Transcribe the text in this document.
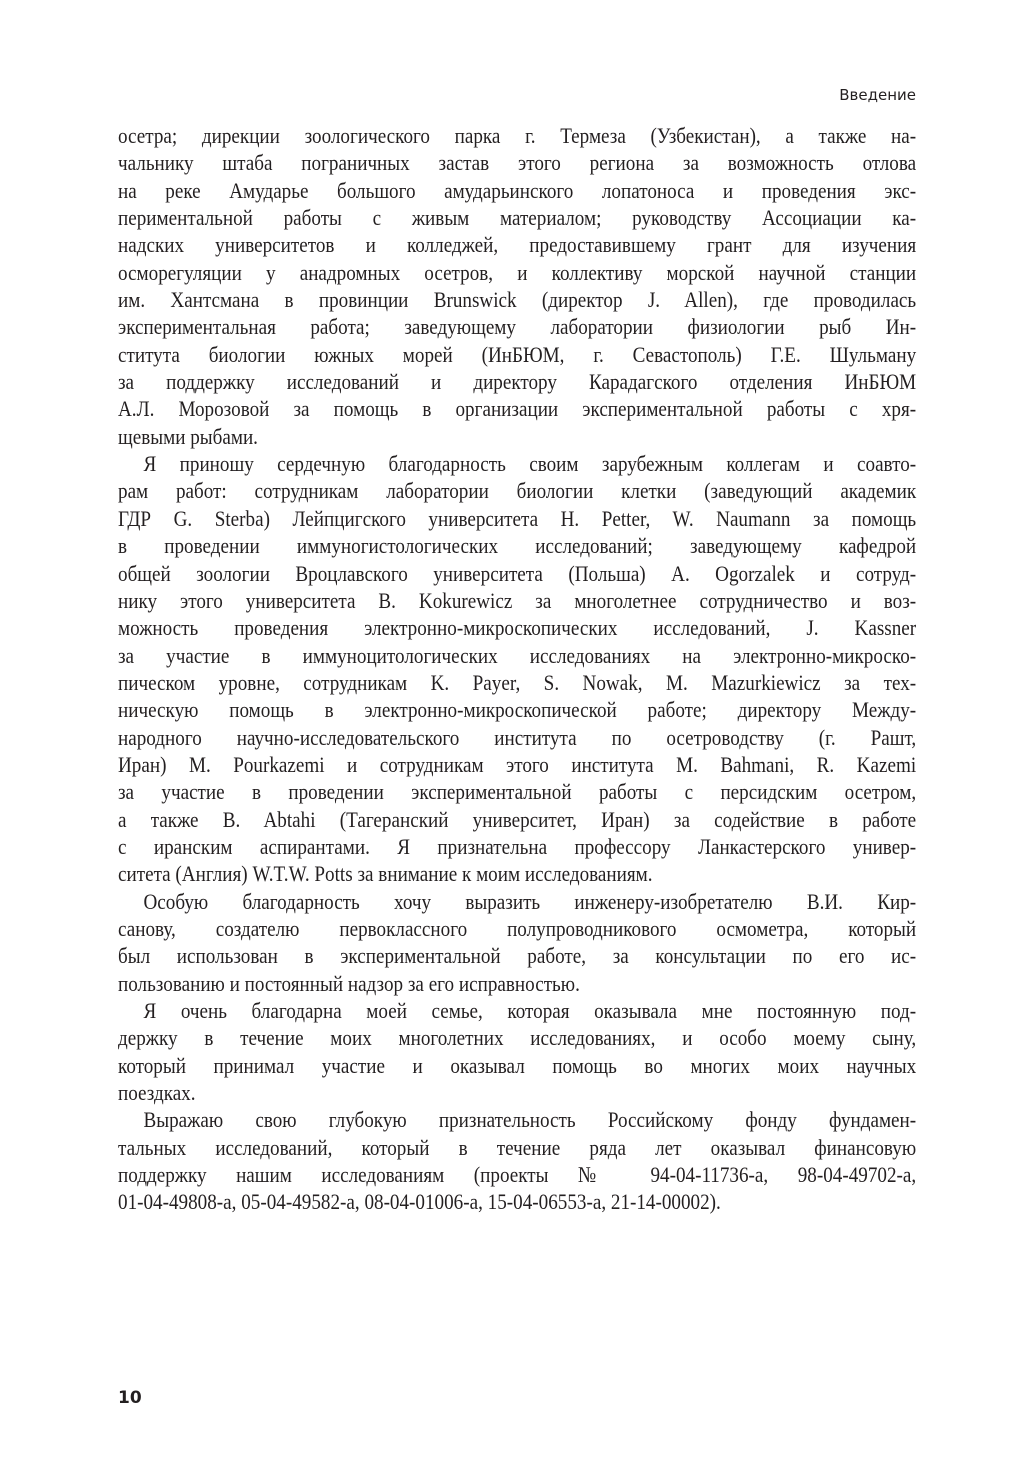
Введение
осетра; дирекции зоологического парка г. Термеза (Узбекистан), а также на-
чальнику штаба пограничных застав этого региона за возможность отлова
на реке Амударье большого амударьинского лопатоноса и проведения экс-
периментальной работы с живым материалом; руководству Ассоциации ка-
надских университетов и колледжей, предоставившему грант для изучения
осморегуляции у анадромных осетров, и коллективу морской научной станции
им. Хантсмана в провинции Brunswick (директор J. Allen), где проводилась
экспериментальная работа; заведующему лаборатории физиологии рыб Ин-
ститута биологии южных морей (ИнБЮМ, г. Севастополь) Г.Е. Шульману
за поддержку исследований и директору Карадагского отделения ИнБЮМ
А.Л. Морозовой за помощь в организации экспериментальной работы с хря-
щевыми рыбами.
Я приношу сердечную благодарность своим зарубежным коллегам и соавто-
рам работ: сотрудникам лаборатории биологии клетки (заведующий академик
ГДР G. Sterba) Лейпцигского университета H. Petter, W. Naumann за помощь
в проведении иммуногистологических исследований; заведующему кафедрой
общей зоологии Вроцлавского университета (Польша) A. Ogorzalek и сотруд-
нику этого университета B. Kokurewicz за многолетнее сотрудничество и воз-
можность проведения электронно-микроскопических исследований, J. Kassner
за участие в иммуноцитологических исследованиях на электронно-микроско-
пическом уровне, сотрудникам K. Payer, S. Nowak, M. Mazurkiewicz за тех-
ническую помощь в электронно-микроскопической работе; директору Между-
народного научно-исследовательского института по осетроводству (г. Рашт,
Иран) M. Pourkazemi и сотрудникам этого института M. Bahmani, R. Kazemi
за участие в проведении экспериментальной работы с персидским осетром,
а также B. Abtahi (Тагеранский университет, Иран) за содействие в работе
с иранским аспирантами. Я признательна профессору Ланкастерского универ-
ситета (Англия) W.T.W. Potts за внимание к моим исследованиям.
Особую благодарность хочу выразить инженеру-изобретателю В.И. Кир-
санову, создателю первоклассного полупроводникового осмометра, который
был использован в экспериментальной работе, за консультации по его ис-
пользованию и постоянный надзор за его исправностью.
Я очень благодарна моей семье, которая оказывала мне постоянную под-
держку в течение моих многолетних исследованиях, и особо моему сыну,
который принимал участие и оказывал помощь во многих моих научных
поездках.
Выражаю свою глубокую признательность Российскому фонду фундамен-
тальных исследований, который в течение ряда лет оказывал финансовую
поддержку нашим исследованиям (проекты № 94-04-11736-а, 98-04-49702-а,
01-04-49808-а, 05-04-49582-а, 08-04-01006-а, 15-04-06553-а, 21-14-00002).
10
